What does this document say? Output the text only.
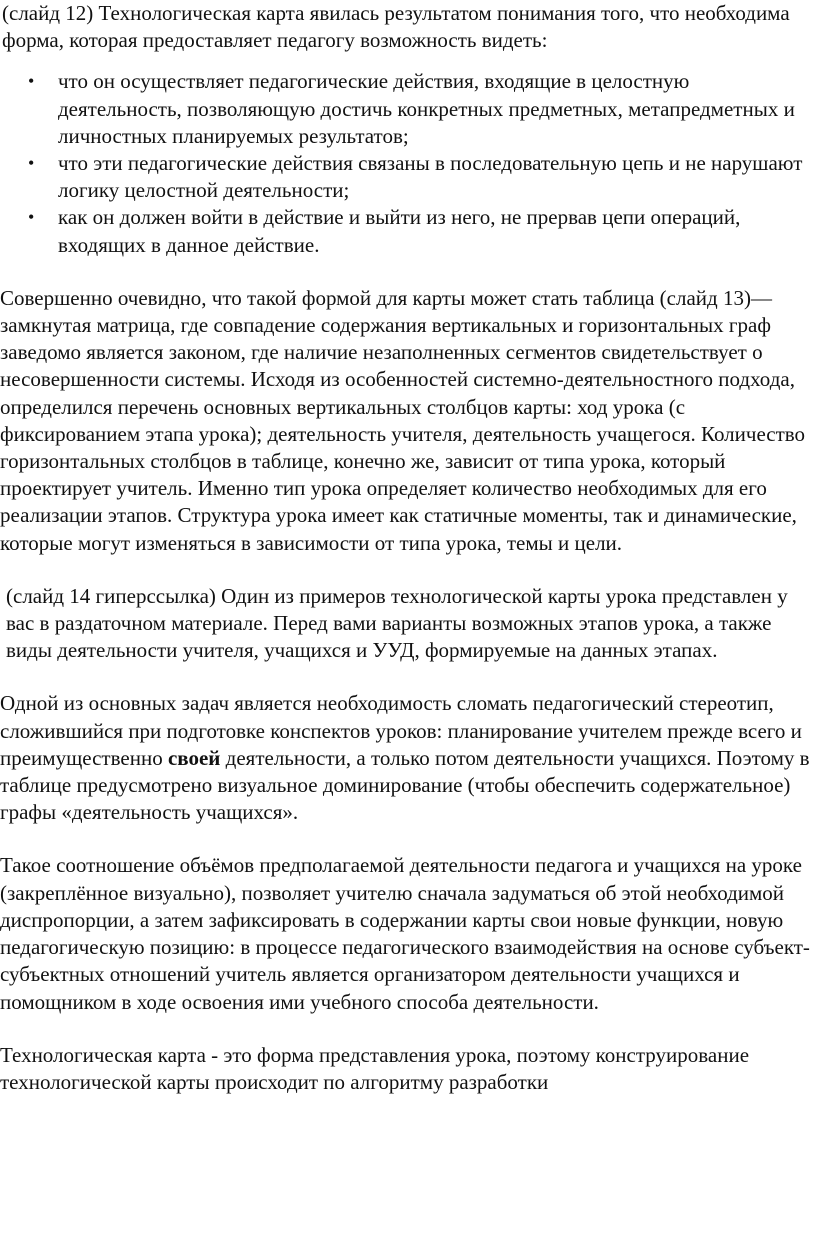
(слайд 12) Технологическая карта явилась результатом понимания того, что необходима форма, которая предоставляет педагогу возможность видеть:

• что он осуществляет педагогические действия, входящие в целостную деятельность, позволяющую достичь конкретных предметных, метапредметных и личностных планируемых результатов;
• что эти педагогические действия связаны в последовательную цепь и не нарушают логику целостной деятельности;
• как он должен войти в действие и выйти из него, не прервав цепи операций, входящих в данное действие.

Совершенно очевидно, что такой формой для карты может стать таблица (слайд 13)— замкнутая матрица, где совпадение содержания вертикальных и горизонтальных граф заведомо является законом, где наличие незаполненных сегментов свидетельствует о несовершенности системы. Исходя из особенностей системно-деятельностного подхода, определился перечень основных вертикальных столбцов карты: ход урока (с фиксированием этапа урока); деятельность учителя, деятельность учащегося. Количество горизонтальных столбцов в таблице, конечно же, зависит от типа урока, который проектирует учитель. Именно тип урока определяет количество необходимых для его реализации этапов. Структура урока имеет как статичные моменты, так и динамические, которые могут изменяться в зависимости от типа урока, темы и цели.

(слайд 14 гиперссылка) Один из примеров технологической карты урока представлен у вас в раздаточном материале. Перед вами варианты возможных этапов урока, а также виды деятельности учителя, учащихся и УУД, формируемые на данных этапах.

Одной из основных задач является необходимость сломать педагогический стереотип, сложившийся при подготовке конспектов уроков: планирование учителем прежде всего и преимущественно своей деятельности, а только потом деятельности учащихся. Поэтому в таблице предусмотрено визуальное доминирование (чтобы обеспечить содержательное) графы «деятельность учащихся».

Такое соотношение объёмов предполагаемой деятельности педагога и учащихся на уроке (закреплённое визуально), позволяет учителю сначала задуматься об этой необходимой диспропорции, а затем зафиксировать в содержании карты свои новые функции, новую педагогическую позицию: в процессе педагогического взаимодействия на основе субъект-субъектных отношений учитель является организатором деятельности учащихся и помощником в ходе освоения ими учебного способа деятельности.

Технологическая карта - это форма представления урока, поэтому конструирование технологической карты происходит по алгоритму разработки
